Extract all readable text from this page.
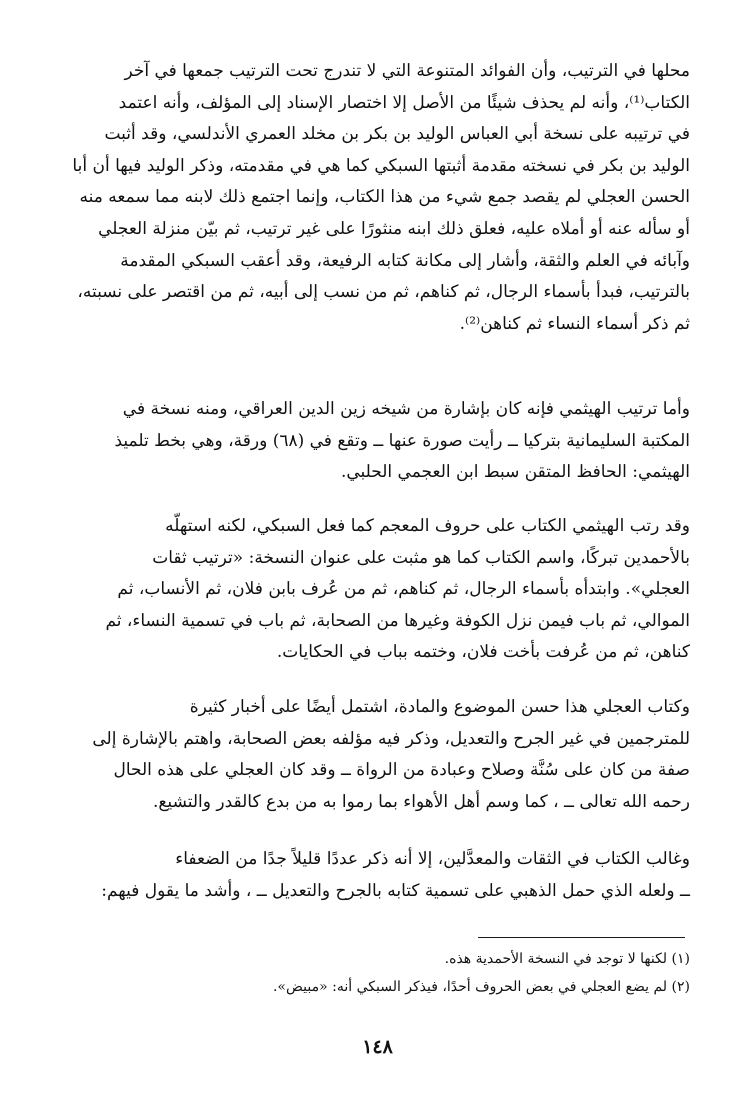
محلها في الترتيب، وأن الفوائد المتنوعة التي لا تندرج تحت الترتيب جمعها في آخر
الكتاب⁽¹⁾، وأنه لم يحذف شيئًا من الأصل إلا اختصار الإسناد إلى المؤلف، وأنه اعتمد
في ترتيبه على نسخة أبي العباس الوليد بن بكر بن مخلد العمري الأندلسي، وقد أثبت
الوليد بن بكر في نسخته مقدمة أثبتها السبكي كما هي في مقدمته، وذكر الوليد فيها أن أبا
الحسن العجلي لم يقصد جمع شيء من هذا الكتاب، وإنما اجتمع ذلك لابنه مما سمعه منه
أو سأله عنه أو أملاه عليه، فعلق ذلك ابنه منثورًا على غير ترتيب، ثم بيّن منزلة العجلي
وآبائه في العلم والثقة، وأشار إلى مكانة كتابه الرفيعة، وقد أعقب السبكي المقدمة
بالترتيب، فبدأ بأسماء الرجال، ثم كناهم، ثم من نسب إلى أبيه، ثم من اقتصر على نسبته،
ثم ذكر أسماء النساء ثم كناهن⁽²⁾.

وأما ترتيب الهيثمي فإنه كان بإشارة من شيخه زين الدين العراقي، ومنه نسخة في
المكتبة السليمانية بتركيا ــ رأيت صورة عنها ــ وتقع في (٦٨) ورقة، وهي بخط تلميذ
الهيثمي: الحافظ المتقن سبط ابن العجمي الحلبي.

وقد رتب الهيثمي الكتاب على حروف المعجم كما فعل السبكي، لكنه استهلّه
بالأحمدين تبركًا، واسم الكتاب كما هو مثبت على عنوان النسخة: «ترتيب ثقات
العجلي». وابتدأه بأسماء الرجال، ثم كناهم، ثم من عُرف بابن فلان، ثم الأنساب، ثم
الموالي، ثم باب فيمن نزل الكوفة وغيرها من الصحابة، ثم باب في تسمية النساء، ثم
كناهن، ثم من عُرفت بأخت فلان، وختمه بباب في الحكايات.

وكتاب العجلي هذا حسن الموضوع والمادة، اشتمل أيضًا على أخبار كثيرة
للمترجمين في غير الجرح والتعديل، وذكر فيه مؤلفه بعض الصحابة، واهتم بالإشارة إلى
صفة من كان على سُنَّة وصلاح وعبادة من الرواة ــ وقد كان العجلي على هذه الحال
رحمه الله تعالى ــ ، كما وسم أهل الأهواء بما رموا به من بدع كالقدر والتشيع.

وغالب الكتاب في الثقات والمعدَّلين، إلا أنه ذكر عددًا قليلاً جدًا من الضعفاء
ــ ولعله الذي حمل الذهبي على تسمية كتابه بالجرح والتعديل ــ ، وأشد ما يقول فيهم:

(١) لكنها لا توجد في النسخة الأحمدية هذه.

(٢) لم يضع العجلي في بعض الحروف أحدًا، فيذكر السبكي أنه: «مبيض».

١٤٨
